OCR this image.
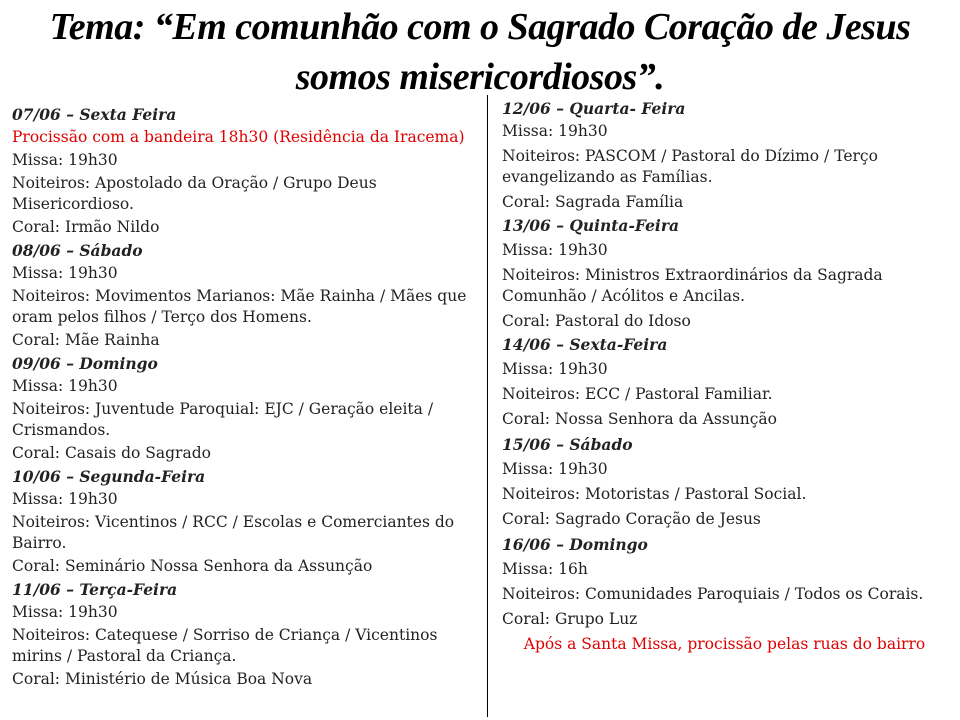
Tema: “Em comunhão com o Sagrado Coração de Jesus somos misericordiosos”.
07/06 – Sexta Feira
Procissão com a bandeira 18h30 (Residência da Iracema)
Missa: 19h30
Noiteiros: Apostolado da Oração / Grupo Deus Misericordioso.
Coral: Irmão Nildo
08/06 – Sábado
Missa: 19h30
Noiteiros: Movimentos Marianos: Mãe Rainha / Mães que oram pelos filhos / Terço dos Homens.
Coral: Mãe Rainha
09/06 – Domingo
Missa: 19h30
Noiteiros: Juventude Paroquial: EJC / Geração eleita / Crismandos.
Coral: Casais do Sagrado
10/06 – Segunda-Feira
Missa: 19h30
Noiteiros: Vicentinos / RCC / Escolas e Comerciantes do Bairro.
Coral: Seminário Nossa Senhora da Assunção
11/06 – Terça-Feira
Missa: 19h30
Noiteiros: Catequese / Sorriso de Criança / Vicentinos mirins / Pastoral da Criança.
Coral: Ministério de Música Boa Nova
12/06 – Quarta- Feira
Missa: 19h30
Noiteiros: PASCOM / Pastoral do Dízimo / Terço evangelizando as Famílias.
Coral: Sagrada Família
13/06 – Quinta-Feira
Missa: 19h30
Noiteiros: Ministros Extraordinários da Sagrada Comunhão / Acólitos e Ancilas.
Coral: Pastoral do Idoso
14/06 – Sexta-Feira
Missa: 19h30
Noiteiros: ECC / Pastoral Familiar.
Coral: Nossa Senhora da Assunção
15/06 – Sábado
Missa: 19h30
Noiteiros: Motoristas / Pastoral Social.
Coral: Sagrado Coração de Jesus
16/06 – Domingo
Missa: 16h
Noiteiros: Comunidades Paroquiais / Todos os Corais.
Coral: Grupo Luz
Após a Santa Missa, procissão pelas ruas do bairro
